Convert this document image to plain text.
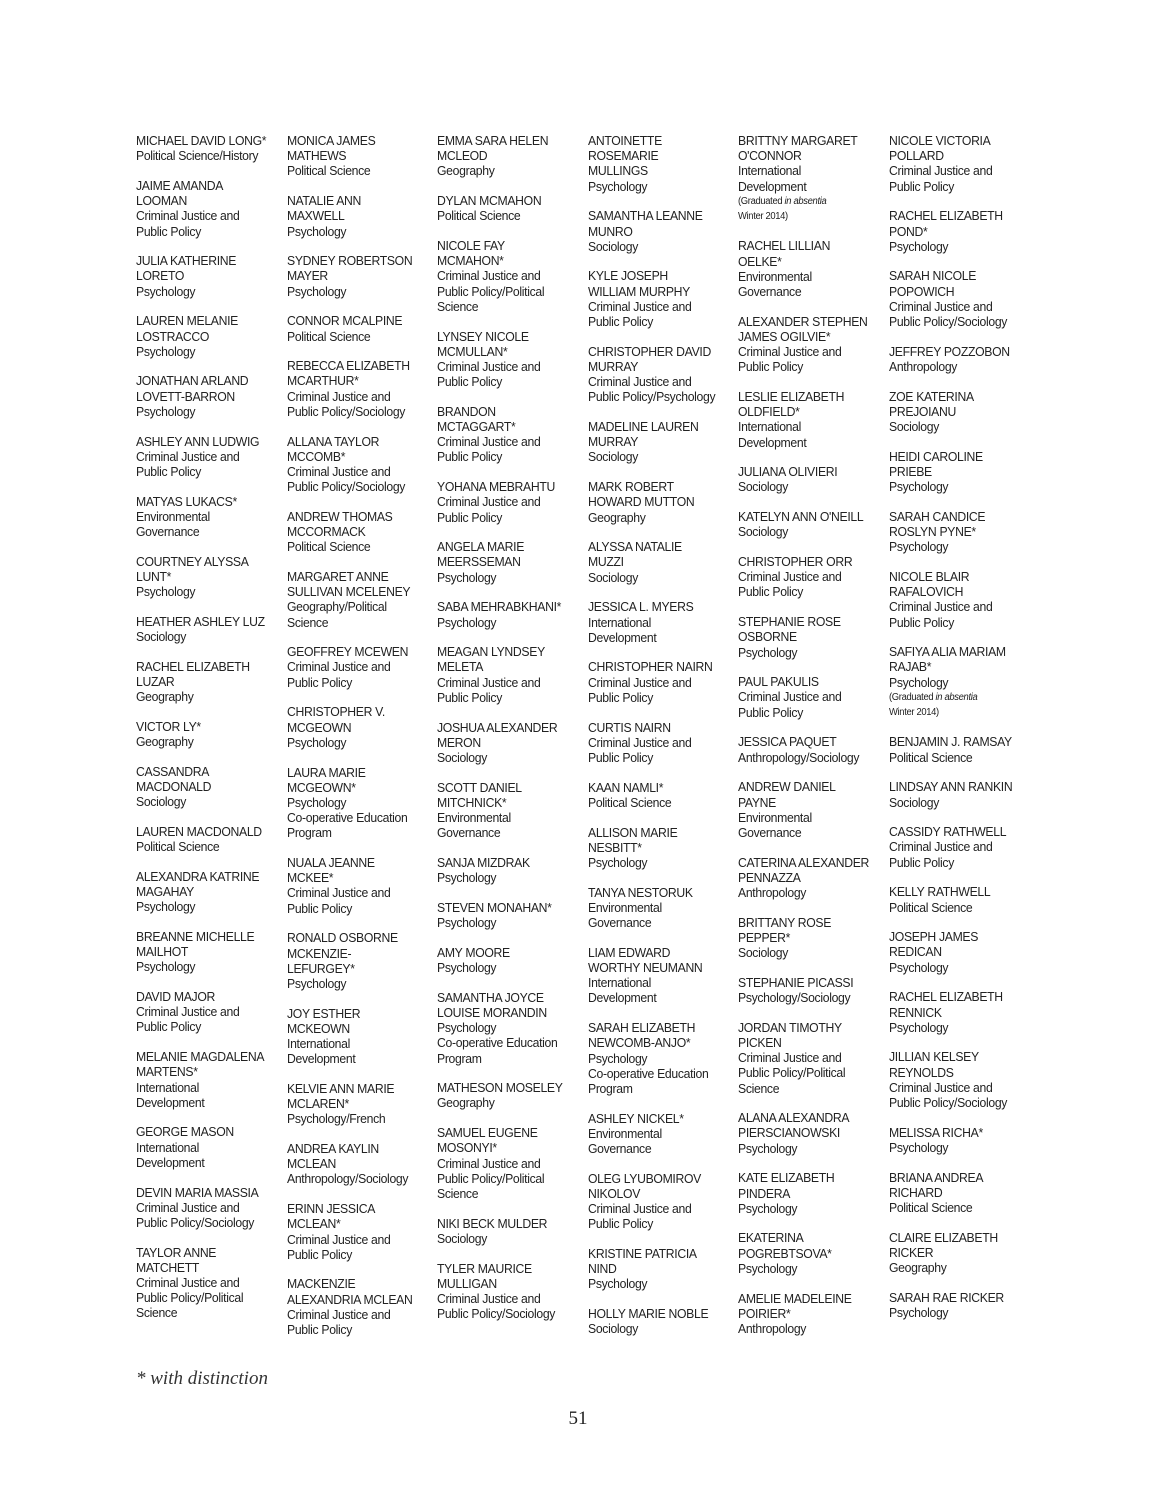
MICHAEL DAVID LONG*
Political Science/History
JAIME AMANDA
LOOMAN
Criminal Justice and
Public Policy
JULIA KATHERINE
LORETO
Psychology
LAUREN MELANIE
LOSTRACCO
Psychology
JONATHAN ARLAND
LOVETT-BARRON
Psychology
ASHLEY ANN LUDWIG
Criminal Justice and
Public Policy
MATYAS LUKACS*
Environmental
Governance
COURTNEY ALYSSA
LUNT*
Psychology
HEATHER ASHLEY LUZ
Sociology
RACHEL ELIZABETH
LUZAR
Geography
VICTOR LY*
Geography
CASSANDRA
MACDONALD
Sociology
LAUREN MACDONALD
Political Science
ALEXANDRA KATRINE
MAGAHAY
Psychology
BREANNE MICHELLE
MAILHOT
Psychology
DAVID MAJOR
Criminal Justice and
Public Policy
MELANIE MAGDALENA
MARTENS*
International
Development
GEORGE MASON
International
Development
DEVIN MARIA MASSIA
Criminal Justice and
Public Policy/Sociology
TAYLOR ANNE
MATCHETT
Criminal Justice and
Public Policy/Political
Science
MONICA JAMES
MATHEWS
Political Science
NATALIE ANN
MAXWELL
Psychology
SYDNEY ROBERTSON
MAYER
Psychology
CONNOR MCALPINE
Political Science
REBECCA ELIZABETH
MCARTHUR*
Criminal Justice and
Public Policy/Sociology
ALLANA TAYLOR
MCCOMB*
Criminal Justice and
Public Policy/Sociology
ANDREW THOMAS
MCCORMACK
Political Science
MARGARET ANNE
SULLIVAN MCELENEY
Geography/Political
Science
GEOFFREY MCEWEN
Criminal Justice and
Public Policy
CHRISTOPHER V.
MCGEOWN
Psychology
LAURA MARIE
MCGEOWN*
Psychology
Co-operative Education
Program
NUALA JEANNE
MCKEE*
Criminal Justice and
Public Policy
RONALD OSBORNE
MCKENZIE-
LEFURGEY*
Psychology
JOY ESTHER
MCKEOWN
International
Development
KELVIE ANN MARIE
MCLAREN*
Psychology/French
ANDREA KAYLIN
MCLEAN
Anthropology/Sociology
ERINN JESSICA
MCLEAN*
Criminal Justice and
Public Policy
MACKENZIE
ALEXANDRIA MCLEAN
Criminal Justice and
Public Policy
EMMA SARA HELEN
MCLEOD
Geography
DYLAN MCMAHON
Political Science
NICOLE FAY
MCMAHON*
Criminal Justice and
Public Policy/Political
Science
LYNSEY NICOLE
MCMULLAN*
Criminal Justice and
Public Policy
BRANDON
MCTAGGART*
Criminal Justice and
Public Policy
YOHANA MEBRAHTU
Criminal Justice and
Public Policy
ANGELA MARIE
MEERSSEMAN
Psychology
SABA MEHRABKHANI*
Psychology
MEAGAN LYNDSEY
MELETA
Criminal Justice and
Public Policy
JOSHUA ALEXANDER
MERON
Sociology
SCOTT DANIEL
MITCHNICK*
Environmental
Governance
SANJA MIZDRAK
Psychology
STEVEN MONAHAN*
Psychology
AMY MOORE
Psychology
SAMANTHA JOYCE
LOUISE MORANDIN
Psychology
Co-operative Education
Program
MATHESON MOSELEY
Geography
SAMUEL EUGENE
MOSONYI*
Criminal Justice and
Public Policy/Political
Science
NIKI BECK MULDER
Sociology
TYLER MAURICE
MULLIGAN
Criminal Justice and
Public Policy/Sociology
ANTOINETTE
ROSEMARIE
MULLINGS
Psychology
SAMANTHA LEANNE
MUNRO
Sociology
KYLE JOSEPH
WILLIAM MURPHY
Criminal Justice and
Public Policy
CHRISTOPHER DAVID
MURRAY
Criminal Justice and
Public Policy/Psychology
MADELINE LAUREN
MURRAY
Sociology
MARK ROBERT
HOWARD MUTTON
Geography
ALYSSA NATALIE
MUZZI
Sociology
JESSICA L. MYERS
International
Development
CHRISTOPHER NAIRN
Criminal Justice and
Public Policy
CURTIS NAIRN
Criminal Justice and
Public Policy
KAAN NAMLI*
Political Science
ALLISON MARIE
NESBITT*
Psychology
TANYA NESTORUK
Environmental
Governance
LIAM EDWARD
WORTHY NEUMANN
International
Development
SARAH ELIZABETH
NEWCOMB-ANJO*
Psychology
Co-operative Education
Program
ASHLEY NICKEL*
Environmental
Governance
OLEG LYUBOMIROV
NIKOLOV
Criminal Justice and
Public Policy
KRISTINE PATRICIA
NIND
Psychology
HOLLY MARIE NOBLE
Sociology
BRITTNY MARGARET
O'CONNOR
International
Development
(Graduated in absentia
Winter 2014)
RACHEL LILLIAN
OELKE*
Environmental
Governance
ALEXANDER STEPHEN
JAMES OGILVIE*
Criminal Justice and
Public Policy
LESLIE ELIZABETH
OLDFIELD*
International
Development
JULIANA OLIVIERI
Sociology
KATELYN ANN O'NEILL
Sociology
CHRISTOPHER ORR
Criminal Justice and
Public Policy
STEPHANIE ROSE
OSBORNE
Psychology
PAUL PAKULIS
Criminal Justice and
Public Policy
JESSICA PAQUET
Anthropology/Sociology
ANDREW DANIEL
PAYNE
Environmental
Governance
CATERINA ALEXANDER
PENNAZZA
Anthropology
BRITTANY ROSE
PEPPER*
Sociology
STEPHANIE PICASSI
Psychology/Sociology
JORDAN TIMOTHY
PICKEN
Criminal Justice and
Public Policy/Political
Science
ALANA ALEXANDRA
PIERSCIANOWSKI
Psychology
KATE ELIZABETH
PINDERA
Psychology
EKATERINA
POGREBTSOVA*
Psychology
AMELIE MADELEINE
POIRIER*
Anthropology
NICOLE VICTORIA
POLLARD
Criminal Justice and
Public Policy
RACHEL ELIZABETH
POND*
Psychology
SARAH NICOLE
POPOWICH
Criminal Justice and
Public Policy/Sociology
JEFFREY POZZOBON
Anthropology
ZOE KATERINA
PREJOIANU
Sociology
HEIDI CAROLINE
PRIEBE
Psychology
SARAH CANDICE
ROSLYN PYNE*
Psychology
NICOLE BLAIR
RAFALOVICH
Criminal Justice and
Public Policy
SAFIYA ALIA MARIAM
RAJAB*
Psychology
(Graduated in absentia
Winter 2014)
BENJAMIN J. RAMSAY
Political Science
LINDSAY ANN RANKIN
Sociology
CASSIDY RATHWELL
Criminal Justice and
Public Policy
KELLY RATHWELL
Political Science
JOSEPH JAMES
REDICAN
Psychology
RACHEL ELIZABETH
RENNICK
Psychology
JILLIAN KELSEY
REYNOLDS
Criminal Justice and
Public Policy/Sociology
MELISSA RICHA*
Psychology
BRIANA ANDREA
RICHARD
Political Science
CLAIRE ELIZABETH
RICKER
Geography
SARAH RAE RICKER
Psychology
* with distinction
51
